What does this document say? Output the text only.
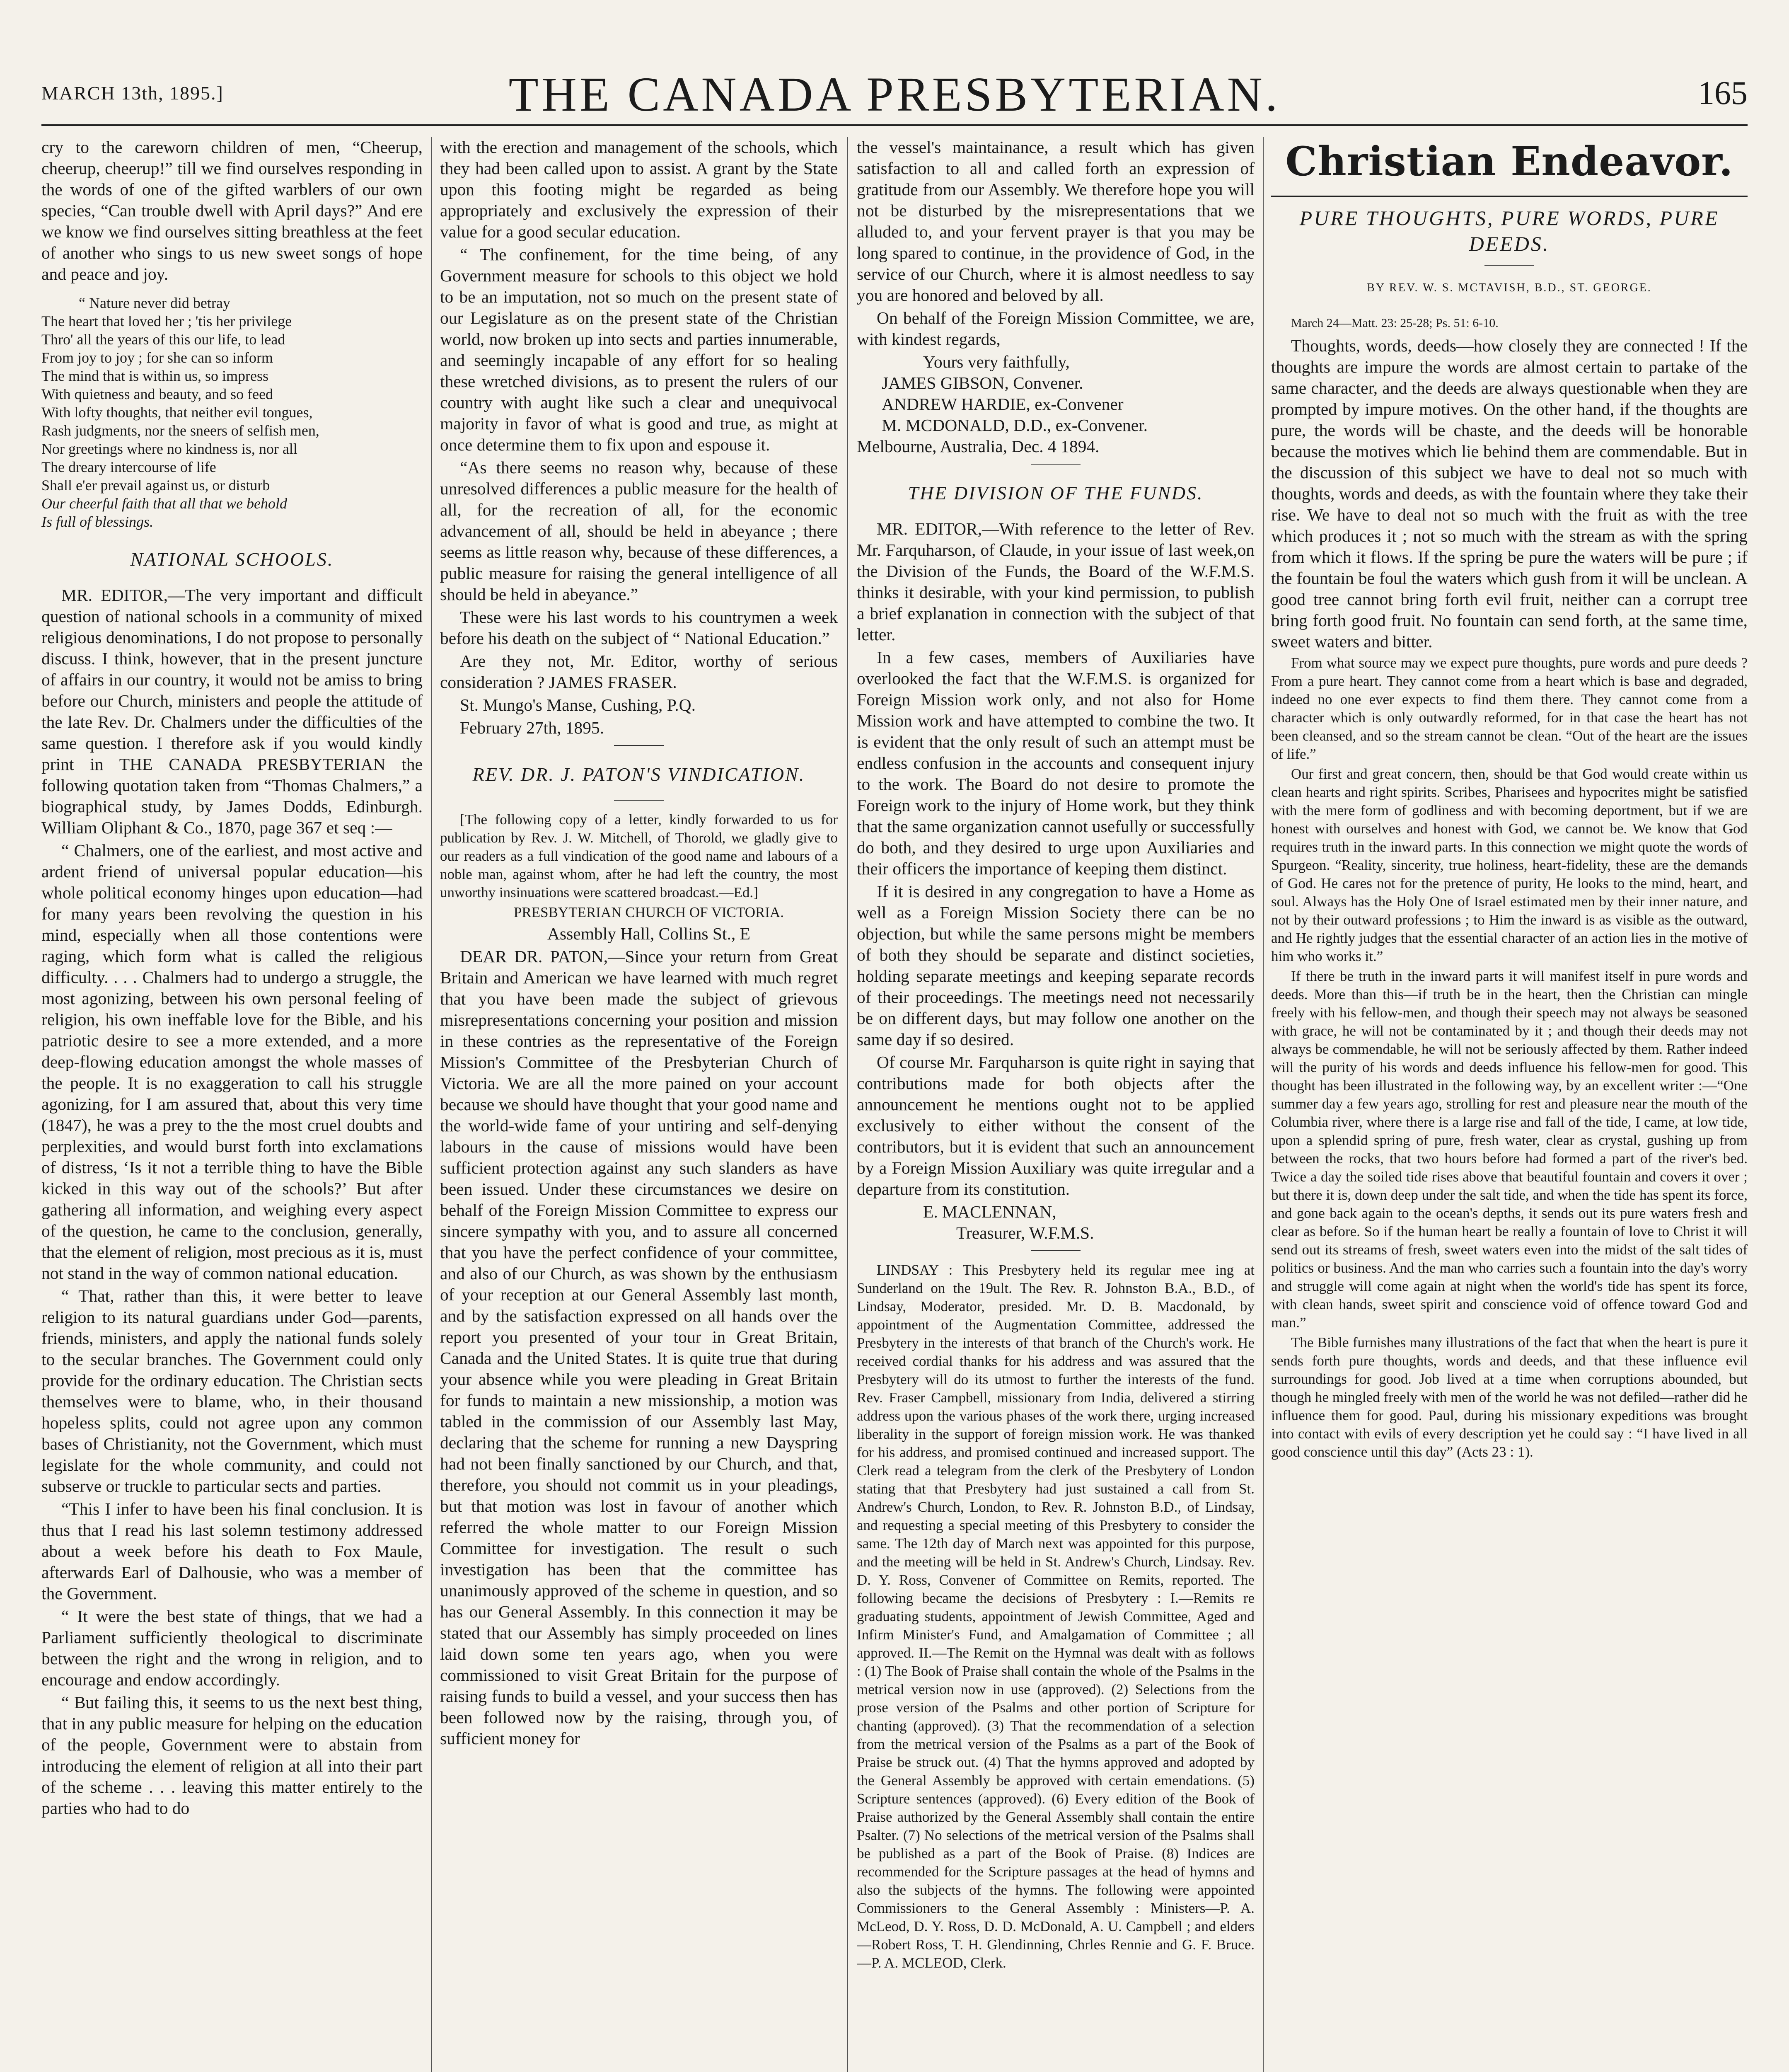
MARCH 13th, 1895.]	THE CANADA PRESBYTERIAN.	165

cry to the careworn children of men, “Cheerup, cheerup, cheerup!” till we find ourselves responding in the words of one of the gifted warblers of our own species, “Can trouble dwell with April days?” And ere we know we find ourselves sitting breathless at the feet of another who sings to us new sweet songs of hope and peace and joy.

“ Nature never did betray
The heart that loved her ; 'tis her privilege
Thro' all the years of this our life, to lead
From joy to joy ; for she can so inform
The mind that is within us, so impress
With quietness and beauty, and so feed
With lofty thoughts, that neither evil tongues,
Rash judgments, nor the sneers of selfish men,
Nor greetings where no kindness is, nor all
The dreary intercourse of life
Shall e'er prevail against us, or disturb
Our cheerful faith that all that we behold
Is full of blessings.
NATIONAL SCHOOLS.

MR. EDITOR,—The very important and difficult question of national schools in a community of mixed religious denominations, I do not propose to personally discuss. I think, however, that in the present juncture of affairs in our country, it would not be amiss to bring before our Church, ministers and people the attitude of the late Rev. Dr. Chalmers under the difficulties of the same question. I therefore ask if you would kindly print in THE CANADA PRESBYTERIAN the following quotation taken from “Thomas Chalmers,” a biographical study, by James Dodds, Edinburgh. William Oliphant & Co., 1870, page 367 et seq :—

“ Chalmers, one of the earliest, and most active and ardent friend of universal popular education—his whole political economy hinges upon education—had for many years been revolving the question in his mind, especially when all those contentions were raging, which form what is called the religious difficulty. . . . Chalmers had to undergo a struggle, the most agonizing, between his own personal feeling of religion, his own ineffable love for the Bible, and his patriotic desire to see a more extended, and a more deep-flowing education amongst the whole masses of the people. It is no exaggeration to call his struggle agonizing, for I am assured that, about this very time (1847), he was a prey to the the most cruel doubts and perplexities, and would burst forth into exclamations of distress, ‘Is it not a terrible thing to have the Bible kicked in this way out of the schools?’ But after gathering all information, and weighing every aspect of the question, he came to the conclusion, generally, that the element of religion, most precious as it is, must not stand in the way of common national education.

“ That, rather than this, it were better to leave religion to its natural guardians under God—parents, friends, ministers, and apply the national funds solely to the secular branches. The Government could only provide for the ordinary education. The Christian sects themselves were to blame, who, in their thousand hopeless splits, could not agree upon any common bases of Christianity, not the Government, which must legislate for the whole community, and could not subserve or truckle to particular sects and parties.

“This I infer to have been his final conclusion. It is thus that I read his last solemn testimony addressed about a week before his death to Fox Maule, afterwards Earl of Dalhousie, who was a member of the Government.

“ It were the best state of things, that we had a Parliament sufficiently theological to discriminate between the right and the wrong in religion, and to encourage and endow accordingly.

“ But failing this, it seems to us the next best thing, that in any public measure for helping on the education of the people, Government were to abstain from introducing the element of religion at all into their part of the scheme . . . leaving this matter entirely to the parties who had to do

with the erection and management of the schools, which they had been called upon to assist. A grant by the State upon this footing might be regarded as being appropriately and exclusively the expression of their value for a good secular education.

“ The confinement, for the time being, of any Government measure for schools to this object we hold to be an imputation, not so much on the present state of our Legislature as on the present state of the Christian world, now broken up into sects and parties innumerable, and seemingly incapable of any effort for so healing these wretched divisions, as to present the rulers of our country with aught like such a clear and unequivocal majority in favor of what is good and true, as might at once determine them to fix upon and espouse it.

“As there seems no reason why, because of these unresolved differences a public measure for the health of all, for the recreation of all, for the economic advancement of all, should be held in abeyance ; there seems as little reason why, because of these differences, a public measure for raising the general intelligence of all should be held in abeyance.”

These were his last words to his countrymen a week before his death on the subject of “ National Education.”

Are they not, Mr. Editor, worthy of serious consideration ? JAMES FRASER.

St. Mungo's Manse, Cushing, P.Q.

February 27th, 1895.

REV. DR. J. PATON'S VINDICATION.

[The following copy of a letter, kindly forwarded to us for publication by Rev. J. W. Mitchell, of Thorold, we gladly give to our readers as a full vindication of the good name and labours of a noble man, against whom, after he had left the country, the most unworthy insinuations were scattered broadcast.—Ed.]

PRESBYTERIAN CHURCH OF VICTORIA.

Assembly Hall, Collins St., E

DEAR DR. PATON,—Since your return from Great Britain and American we have learned with much regret that you have been made the subject of grievous misrepresentations concerning your position and mission in these contries as the representative of the Foreign Mission's Committee of the Presbyterian Church of Victoria. We are all the more pained on your account because we should have thought that your good name and the world-wide fame of your untiring and self-denying labours in the cause of missions would have been sufficient protection against any such slanders as have been issued. Under these circumstances we desire on behalf of the Foreign Mission Committee to express our sincere sympathy with you, and to assure all concerned that you have the perfect confidence of your committee, and also of our Church, as was shown by the enthusiasm of your reception at our General Assembly last month, and by the satisfaction expressed on all hands over the report you presented of your tour in Great Britain, Canada and the United States. It is quite true that during your absence while you were pleading in Great Britain for funds to maintain a new missionship, a motion was tabled in the commission of our Assembly last May, declaring that the scheme for running a new Dayspring had not been finally sanctioned by our Church, and that, therefore, you should not commit us in your pleadings, but that motion was lost in favour of another which referred the whole matter to our Foreign Mission Committee for investigation. The result o such investigation has been that the committee has unanimously approved of the scheme in question, and so has our General Assembly. In this connection it may be stated that our Assembly has simply proceeded on lines laid down some ten years ago, when you were commissioned to visit Great Britain for the purpose of raising funds to build a vessel, and your success then has been followed now by the raising, through you, of sufficient money for

the vessel's maintainance, a result which has given satisfaction to all and called forth an expression of gratitude from our Assembly. We therefore hope you will not be disturbed by the misrepresentations that we alluded to, and your fervent prayer is that you may be long spared to continue, in the providence of God, in the service of our Church, where it is almost needless to say you are honored and beloved by all.

On behalf of the Foreign Mission Committee, we are, with kindest regards,

Yours very faithfully,
JAMES GIBSON, Convener.
ANDREW HARDIE, ex-Convener
M. MCDONALD, D.D., ex-Convener.
Melbourne, Australia, Dec. 4 1894.
THE DIVISION OF THE FUNDS.

MR. EDITOR,—With reference to the letter of Rev. Mr. Farquharson, of Claude, in your issue of last week,on the Division of the Funds, the Board of the W.F.M.S. thinks it desirable, with your kind permission, to publish a brief explanation in connection with the subject of that letter.

In a few cases, members of Auxiliaries have overlooked the fact that the W.F.M.S. is organized for Foreign Mission work only, and not also for Home Mission work and have attempted to combine the two. It is evident that the only result of such an attempt must be endless confusion in the accounts and consequent injury to the work. The Board do not desire to promote the Foreign work to the injury of Home work, but they think that the same organization cannot usefully or successfully do both, and they desired to urge upon Auxiliaries and their officers the importance of keeping them distinct.

If it is desired in any congregation to have a Home as well as a Foreign Mission Society there can be no objection, but while the same persons might be members of both they should be separate and distinct societies, holding separate meetings and keeping separate records of their proceedings. The meetings need not necessarily be on different days, but may follow one another on the same day if so desired.

Of course Mr. Farquharson is quite right in saying that contributions made for both objects after the announcement he mentions ought not to be applied exclusively to either without the consent of the contributors, but it is evident that such an announcement by a Foreign Mission Auxiliary was quite irregular and a departure from its constitution.

E. MACLENNAN,
Treasurer, W.F.M.S.

LINDSAY : This Presbytery held its regular mee ing at Sunderland on the 19ult. The Rev. R. Johnston B.A., B.D., of Lindsay, Moderator, presided. Mr. D. B. Macdonald, by appointment of the Augmentation Committee, addressed the Presbytery in the interests of that branch of the Church's work. He received cordial thanks for his address and was assured that the Presbytery will do its utmost to further the interests of the fund. Rev. Fraser Campbell, missionary from India, delivered a stirring address upon the various phases of the work there, urging increased liberality in the support of foreign mission work. He was thanked for his address, and promised continued and increased support. The Clerk read a telegram from the clerk of the Presbytery of London stating that that Presbytery had just sustained a call from St. Andrew's Church, London, to Rev. R. Johnston B.D., of Lindsay, and requesting a special meeting of this Presbytery to consider the same. The 12th day of March next was appointed for this purpose, and the meeting will be held in St. Andrew's Church, Lindsay. Rev. D. Y. Ross, Convener of Committee on Remits, reported. The following became the decisions of Presbytery : I.—Remits re graduating students, appointment of Jewish Committee, Aged and Infirm Minister's Fund, and Amalgamation of Committee ; all approved. II.—The Remit on the Hymnal was dealt with as follows : (1) The Book of Praise shall contain the whole of the Psalms in the metrical version now in use (approved). (2) Selections from the prose version of the Psalms and other portion of Scripture for chanting (approved). (3) That the recommendation of a selection from the metrical version of the Psalms as a part of the Book of Praise be struck out. (4) That the hymns approved and adopted by the General Assembly be approved with certain emendations. (5) Scripture sentences (approved). (6) Every edition of the Book of Praise authorized by the General Assembly shall contain the entire Psalter. (7) No selections of the metrical version of the Psalms shall be published as a part of the Book of Praise. (8) Indices are recommended for the Scripture passages at the head of hymns and also the subjects of the hymns. The following were appointed Commissioners to the General Assembly : Ministers—P. A. McLeod, D. Y. Ross, D. D. McDonald, A. U. Campbell ; and elders—Robert Ross, T. H. Glendinning, Chrles Rennie and G. F. Bruce.—P. A. MCLEOD, Clerk.

Christian Endeavor.
PURE THOUGHTS, PURE WORDS, PURE DEEDS.
BY REV. W. S. MCTAVISH, B.D., ST. GEORGE.

March 24—Matt. 23: 25-28; Ps. 51: 6-10.

Thoughts, words, deeds—how closely they are connected ! If the thoughts are impure the words are almost certain to partake of the same character, and the deeds are always questionable when they are prompted by impure motives. On the other hand, if the thoughts are pure, the words will be chaste, and the deeds will be honorable because the motives which lie behind them are commendable. But in the discussion of this subject we have to deal not so much with thoughts, words and deeds, as with the fountain where they take their rise. We have to deal not so much with the fruit as with the tree which produces it ; not so much with the stream as with the spring from which it flows. If the spring be pure the waters will be pure ; if the fountain be foul the waters which gush from it will be unclean. A good tree cannot bring forth evil fruit, neither can a corrupt tree bring forth good fruit. No fountain can send forth, at the same time, sweet waters and bitter.

From what source may we expect pure thoughts, pure words and pure deeds ? From a pure heart. They cannot come from a heart which is base and degraded, indeed no one ever expects to find them there. They cannot come from a character which is only outwardly reformed, for in that case the heart has not been cleansed, and so the stream cannot be clean. “Out of the heart are the issues of life.”

Our first and great concern, then, should be that God would create within us clean hearts and right spirits. Scribes, Pharisees and hypocrites might be satisfied with the mere form of godliness and with becoming deportment, but if we are honest with ourselves and honest with God, we cannot be. We know that God requires truth in the inward parts. In this connection we might quote the words of Spurgeon. “Reality, sincerity, true holiness, heart-fidelity, these are the demands of God. He cares not for the pretence of purity, He looks to the mind, heart, and soul. Always has the Holy One of Israel estimated men by their inner nature, and not by their outward professions ; to Him the inward is as visible as the outward, and He rightly judges that the essential character of an action lies in the motive of him who works it.”

If there be truth in the inward parts it will manifest itself in pure words and deeds. More than this—if truth be in the heart, then the Christian can mingle freely with his fellow-men, and though their speech may not always be seasoned with grace, he will not be contaminated by it ; and though their deeds may not always be commendable, he will not be seriously affected by them. Rather indeed will the purity of his words and deeds influence his fellow-men for good. This thought has been illustrated in the following way, by an excellent writer :—“One summer day a few years ago, strolling for rest and pleasure near the mouth of the Columbia river, where there is a large rise and fall of the tide, I came, at low tide, upon a splendid spring of pure, fresh water, clear as crystal, gushing up from between the rocks, that two hours before had formed a part of the river's bed. Twice a day the soiled tide rises above that beautiful fountain and covers it over ; but there it is, down deep under the salt tide, and when the tide has spent its force, and gone back again to the ocean's depths, it sends out its pure waters fresh and clear as before. So if the human heart be really a fountain of love to Christ it will send out its streams of fresh, sweet waters even into the midst of the salt tides of politics or business. And the man who carries such a fountain into the day's worry and struggle will come again at night when the world's tide has spent its force, with clean hands, sweet spirit and conscience void of offence toward God and man.”

The Bible furnishes many illustrations of the fact that when the heart is pure it sends forth pure thoughts, words and deeds, and that these influence evil surroundings for good. Job lived at a time when corruptions abounded, but though he mingled freely with men of the world he was not defiled—rather did he influence them for good. Paul, during his missionary expeditions was brought into contact with evils of every description yet he could say : “I have lived in all good conscience until this day” (Acts 23 : 1).
